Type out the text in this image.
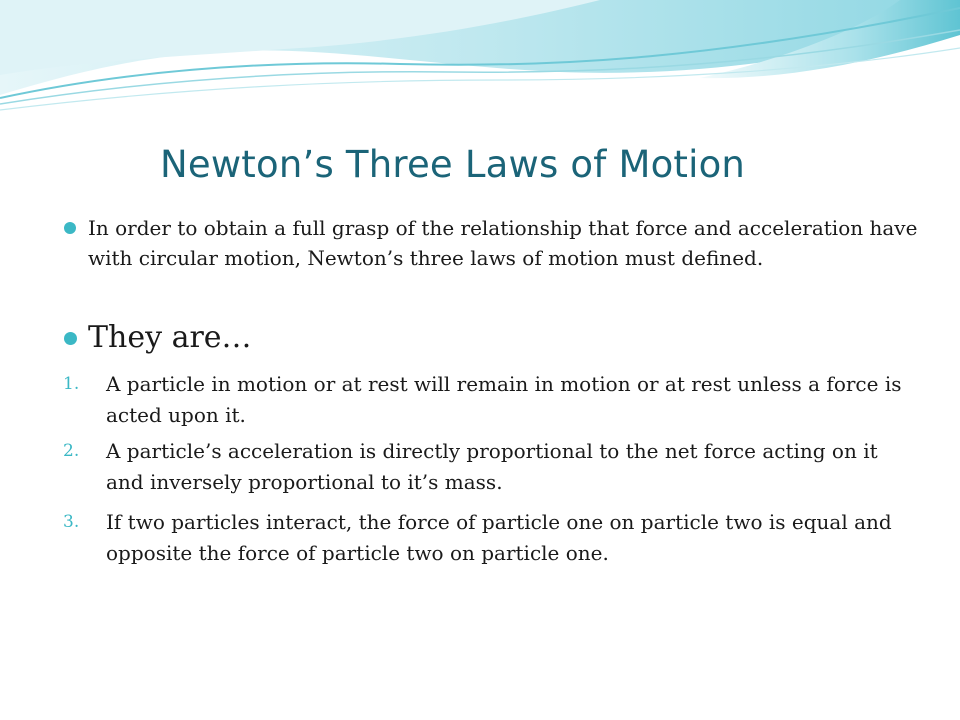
Newton’s Three Laws of Motion
In order to obtain a full grasp of the relationship that force and acceleration have with circular motion, Newton’s three laws of motion must defined.
They are…
1. A particle in motion or at rest will remain in motion or at rest unless a force is acted upon it.
2. A particle’s acceleration is directly proportional to the net force acting on it and inversely proportional to it’s mass.
3. If two particles interact, the force of particle one on particle two is equal and opposite the force of particle two on particle one.
